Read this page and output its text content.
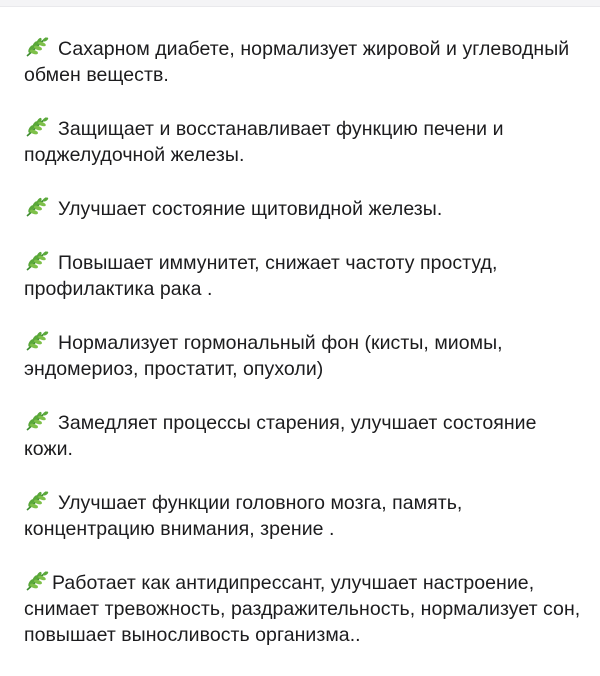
Сахарном диабете, нормализует жировой и углеводный обмен веществ.
Защищает и восстанавливает функцию печени и поджелудочной железы.
Улучшает состояние щитовидной железы.
Повышает иммунитет, снижает частоту простуд, профилактика рака .
Нормализует гормональный фон (кисты, миомы, эндомериоз, простатит, опухоли)
Замедляет процессы старения, улучшает состояние кожи.
Улучшает функции головного мозга, память, концентрацию внимания, зрение .
Работает как антидипрессант, улучшает настроение, снимает тревожность, раздражительность, нормализует сон, повышает выносливость организма..
